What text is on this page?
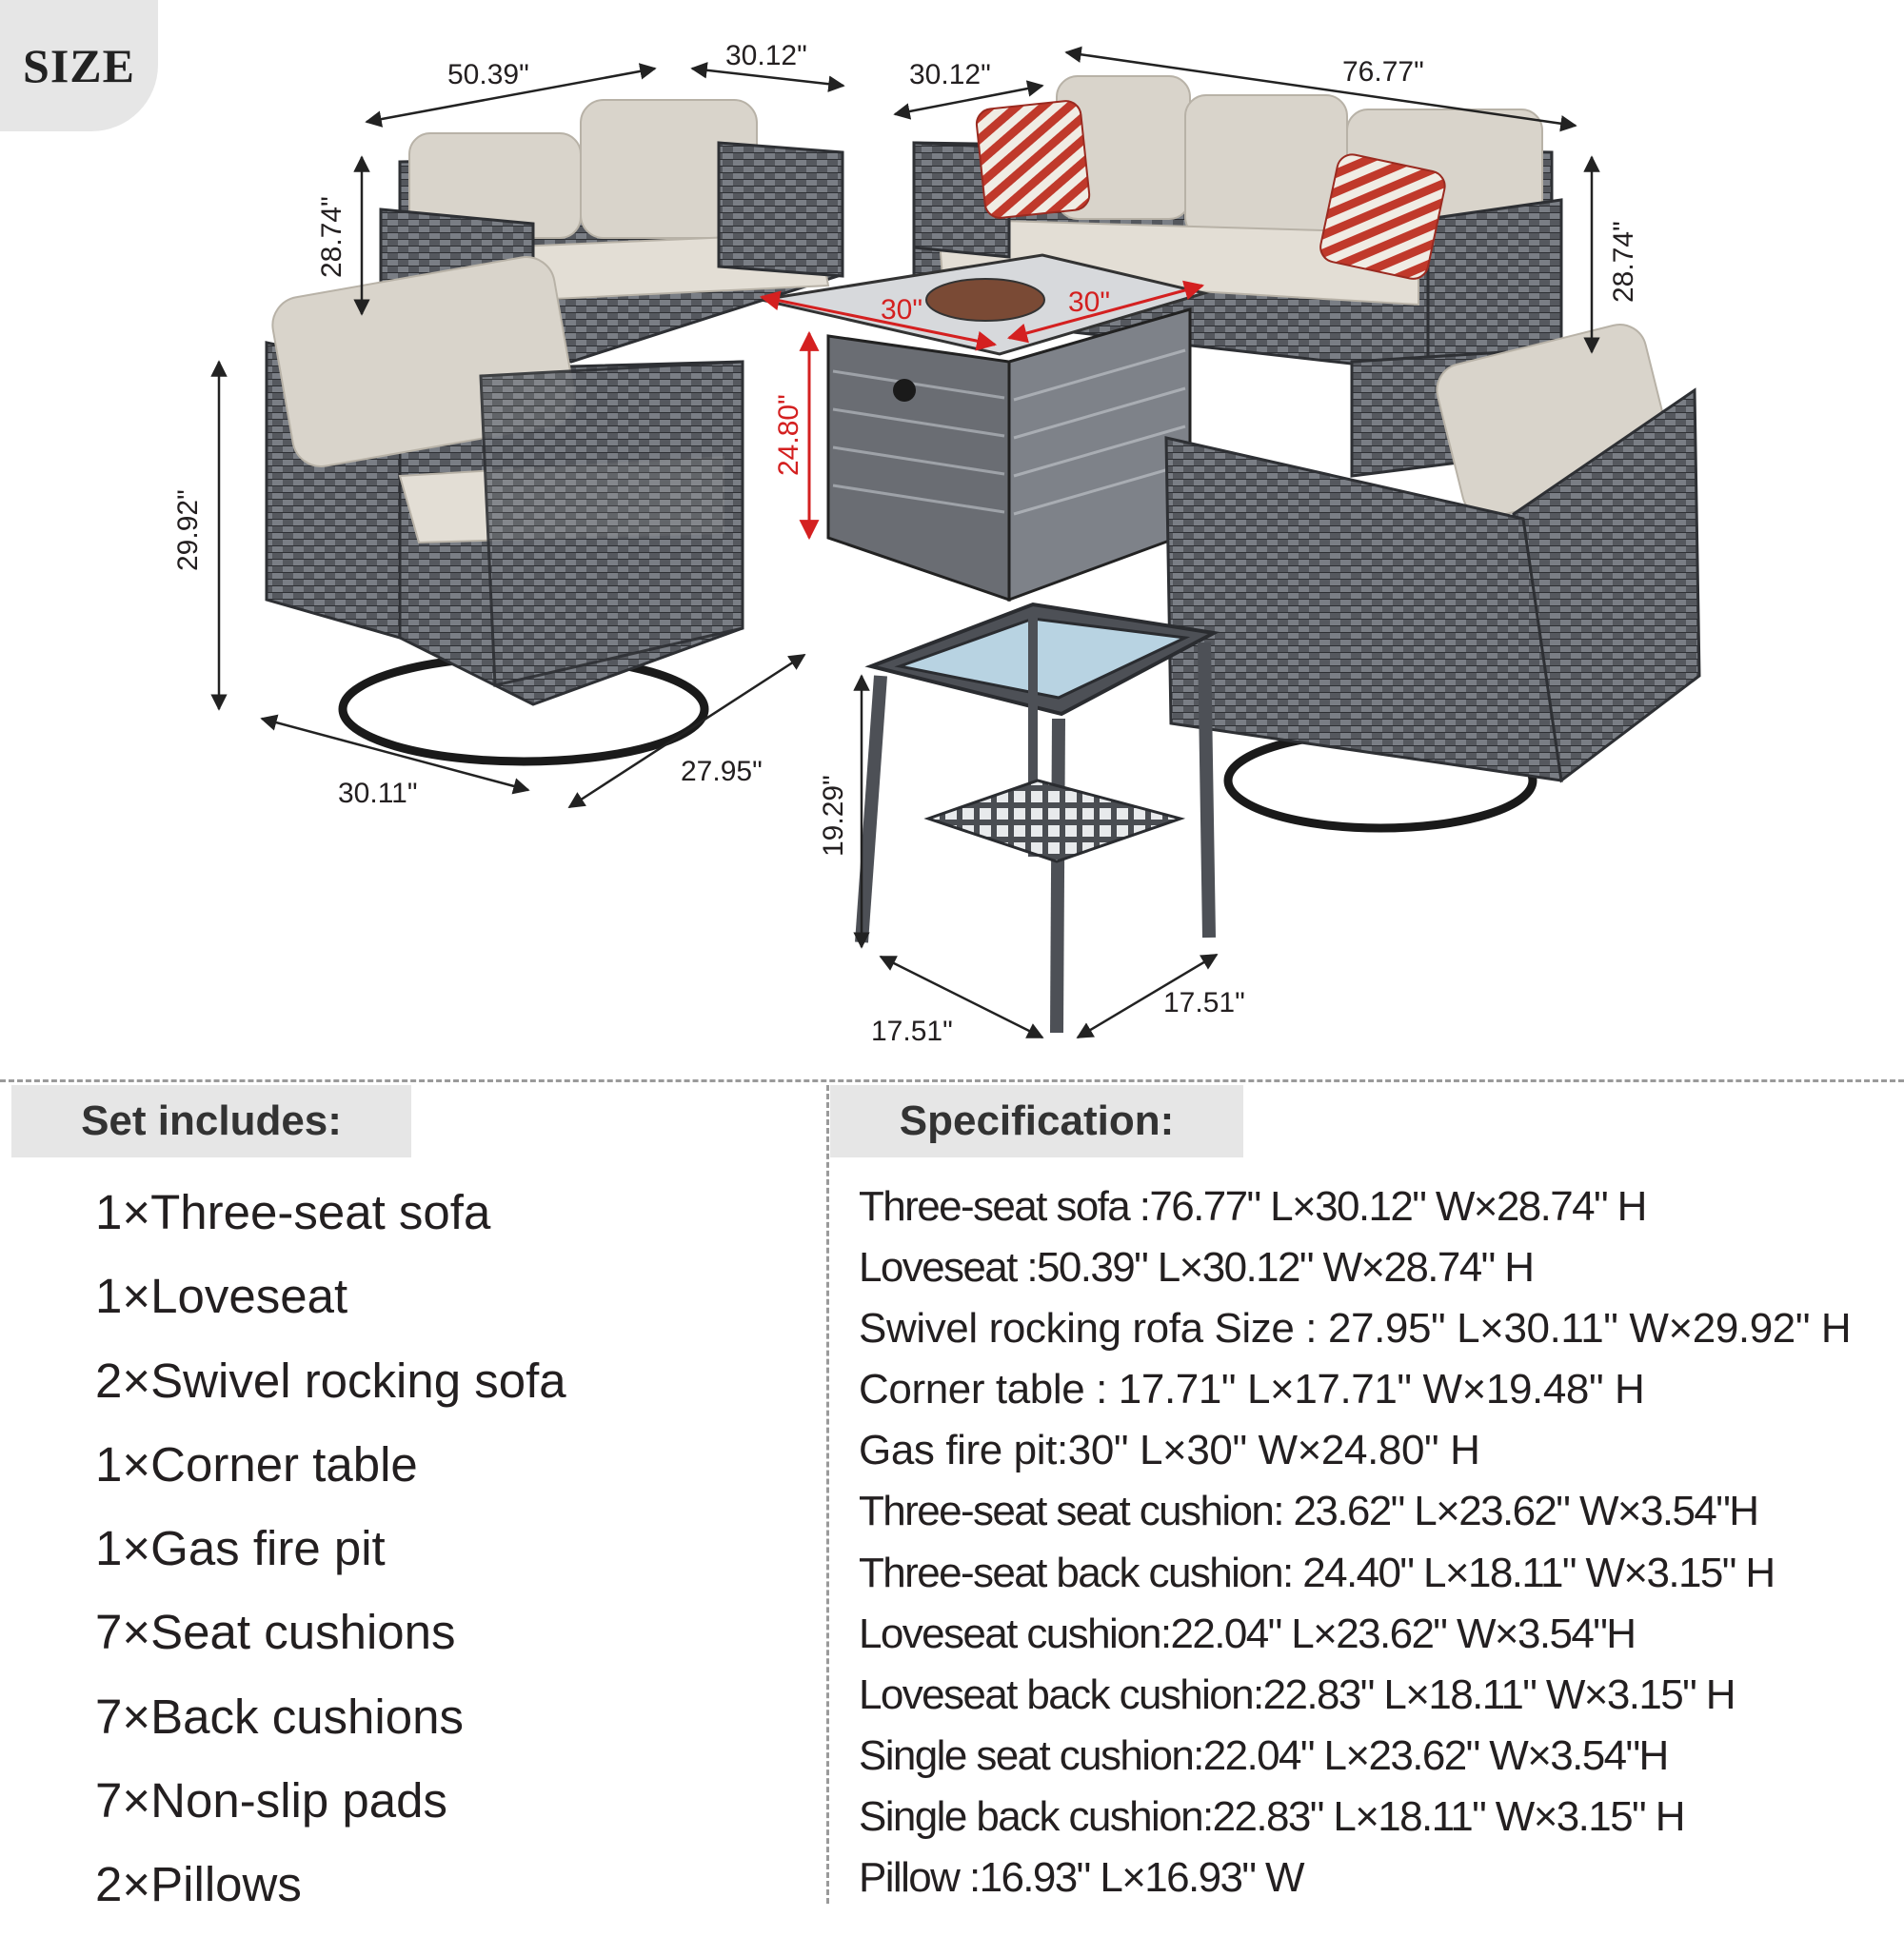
SIZE	50.39"
30.12"
30.12"	76.77"
28.74"	28.74"
29.92"
30.11"
27.95"
19.29"
17.51"
17.51"
30"	30"
24.80"
Set includes:	Specification:
1×Three-seat sofa
1×Loveseat
2×Swivel rocking sofa
1×Corner table
1×Gas fire pit
7×Seat cushions
7×Back cushions
7×Non-slip pads
2×Pillows
Three-seat sofa :76.77" L×30.12" W×28.74" H
Loveseat :50.39" L×30.12" W×28.74" H
Swivel rocking rofa Size : 27.95" L×30.11" W×29.92" H
Corner table : 17.71" L×17.71" W×19.48" H
Gas fire pit:30" L×30" W×24.80" H
Three-seat seat cushion: 23.62" L×23.62" W×3.54"H
Three-seat back cushion: 24.40" L×18.11" W×3.15" H
Loveseat cushion:22.04" L×23.62" W×3.54"H
Loveseat back cushion:22.83" L×18.11" W×3.15" H
Single seat cushion:22.04" L×23.62" W×3.54"H
Single back cushion:22.83" L×18.11" W×3.15" H
Pillow :16.93" L×16.93" W
